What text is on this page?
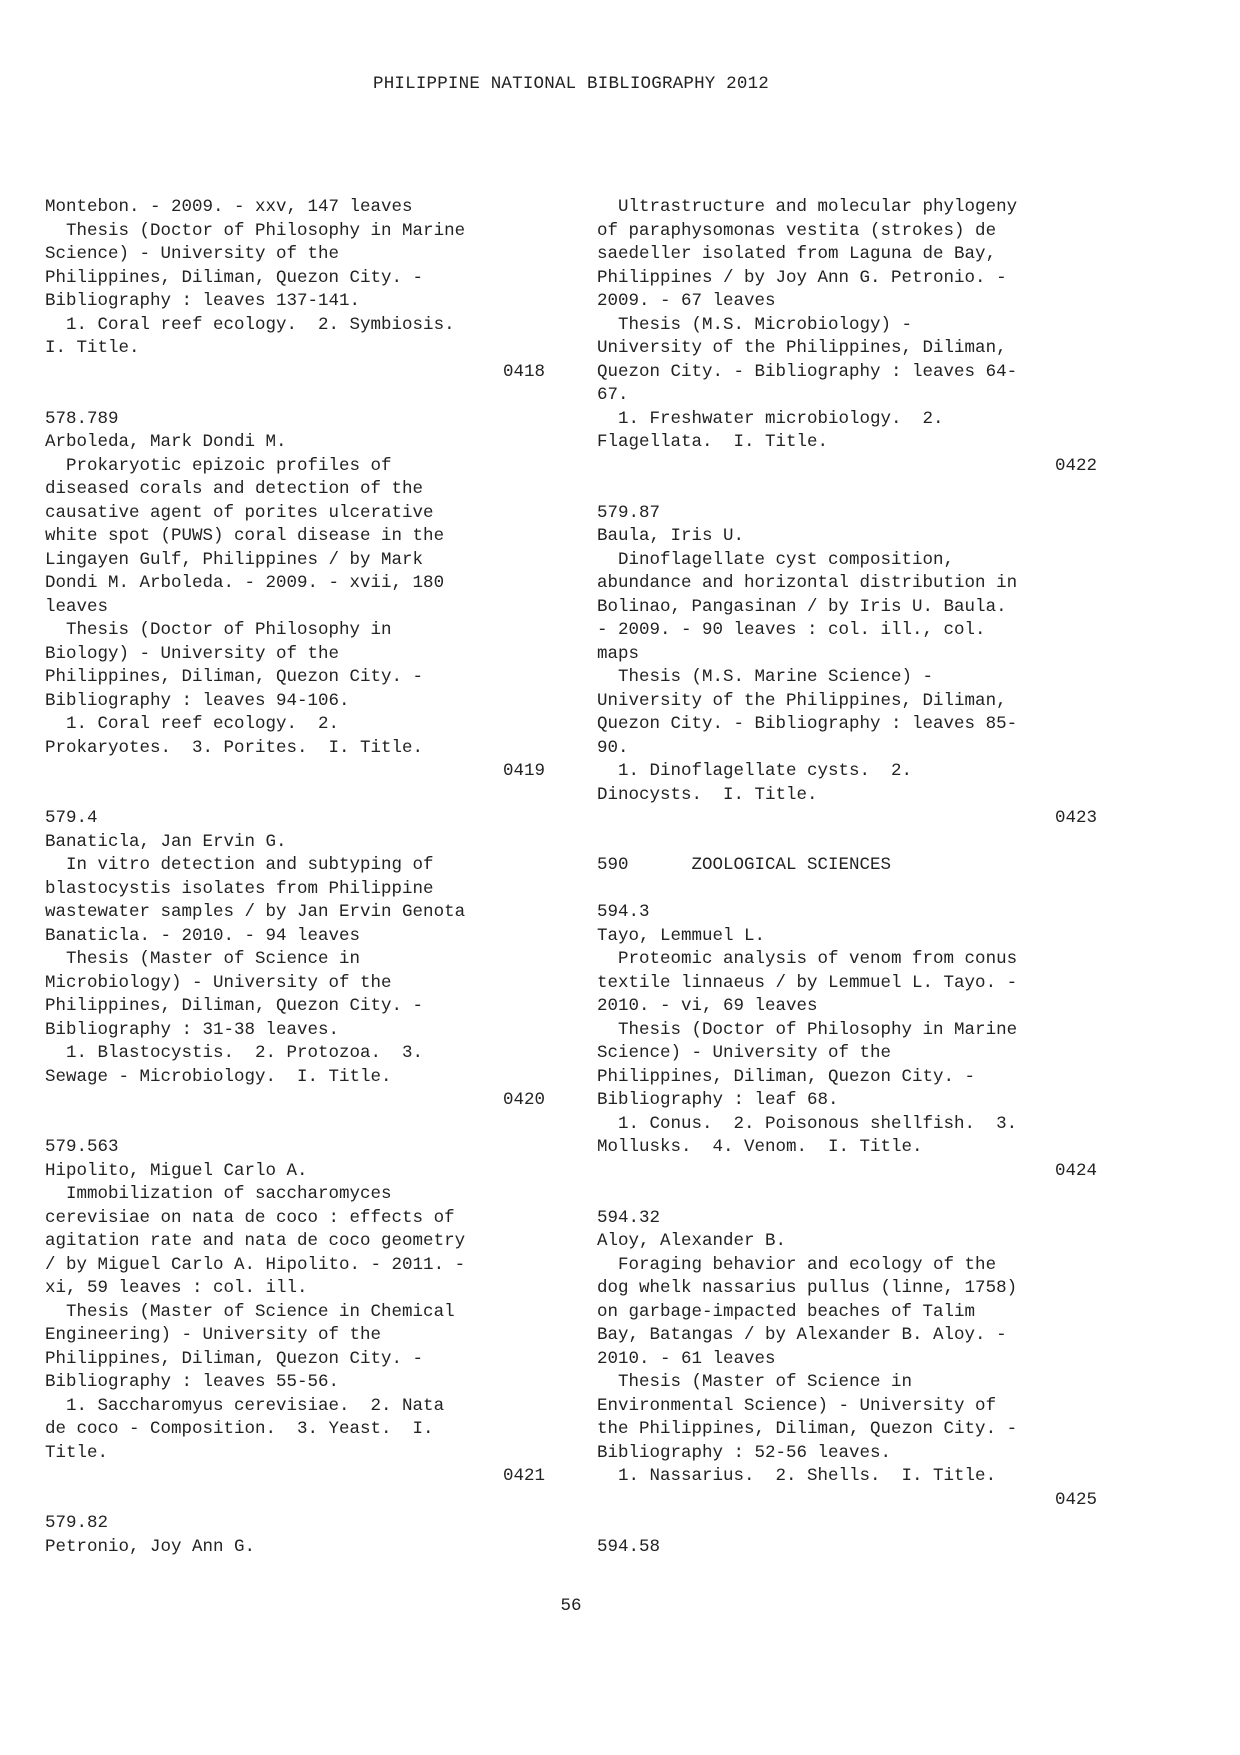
PHILIPPINE NATIONAL BIBLIOGRAPHY 2012
Montebon. - 2009. - xxv, 147 leaves
Thesis (Doctor of Philosophy in Marine
Science) - University of the
Philippines, Diliman, Quezon City. -
Bibliography : leaves 137-141.
1. Coral reef ecology.  2. Symbiosis.
I. Title.
0418
578.789
Arboleda, Mark Dondi M.
Prokaryotic epizoic profiles of
diseased corals and detection of the
causative agent of porites ulcerative
white spot (PUWS) coral disease in the
Lingayen Gulf, Philippines / by Mark
Dondi M. Arboleda. - 2009. - xvii, 180
leaves
Thesis (Doctor of Philosophy in
Biology) - University of the
Philippines, Diliman, Quezon City. -
Bibliography : leaves 94-106.
1. Coral reef ecology.  2.
Prokaryotes.  3. Porites.  I. Title.
0419
579.4
Banaticla, Jan Ervin G.
In vitro detection and subtyping of
blastocystis isolates from Philippine
wastewater samples / by Jan Ervin Genota
Banaticla. - 2010. - 94 leaves
Thesis (Master of Science in
Microbiology) - University of the
Philippines, Diliman, Quezon City. -
Bibliography : 31-38 leaves.
1. Blastocystis.  2. Protozoa.  3.
Sewage - Microbiology.  I. Title.
0420
579.563
Hipolito, Miguel Carlo A.
Immobilization of saccharomyces
cerevisiae on nata de coco : effects of
agitation rate and nata de coco geometry
/ by Miguel Carlo A. Hipolito. - 2011. -
xi, 59 leaves : col. ill.
Thesis (Master of Science in Chemical
Engineering) - University of the
Philippines, Diliman, Quezon City. -
Bibliography : leaves 55-56.
1. Saccharomyus cerevisiae.  2. Nata
de coco - Composition.  3. Yeast.  I.
Title.
0421
579.82
Petronio, Joy Ann G.
Ultrastructure and molecular phylogeny
of paraphysomonas vestita (strokes) de
saedeller isolated from Laguna de Bay,
Philippines / by Joy Ann G. Petronio. -
2009. - 67 leaves
Thesis (M.S. Microbiology) -
University of the Philippines, Diliman,
Quezon City. - Bibliography : leaves 64-
67.
1. Freshwater microbiology.  2.
Flagellata.  I. Title.
0422
579.87
Baula, Iris U.
Dinoflagellate cyst composition,
abundance and horizontal distribution in
Bolinao, Pangasinan / by Iris U. Baula.
- 2009. - 90 leaves : col. ill., col.
maps
Thesis (M.S. Marine Science) -
University of the Philippines, Diliman,
Quezon City. - Bibliography : leaves 85-
90.
1. Dinoflagellate cysts.  2.
Dinocysts.  I. Title.
0423
590      ZOOLOGICAL SCIENCES
594.3
Tayo, Lemmuel L.
Proteomic analysis of venom from conus
textile linnaeus / by Lemmuel L. Tayo. -
2010. - vi, 69 leaves
Thesis (Doctor of Philosophy in Marine
Science) - University of the
Philippines, Diliman, Quezon City. -
Bibliography : leaf 68.
1. Conus.  2. Poisonous shellfish.  3.
Mollusks.  4. Venom.  I. Title.
0424
594.32
Aloy, Alexander B.
Foraging behavior and ecology of the
dog whelk nassarius pullus (linne, 1758)
on garbage-impacted beaches of Talim
Bay, Batangas / by Alexander B. Aloy. -
2010. - 61 leaves
Thesis (Master of Science in
Environmental Science) - University of
the Philippines, Diliman, Quezon City. -
Bibliography : 52-56 leaves.
1. Nassarius.  2. Shells.  I. Title.
0425
594.58
56
